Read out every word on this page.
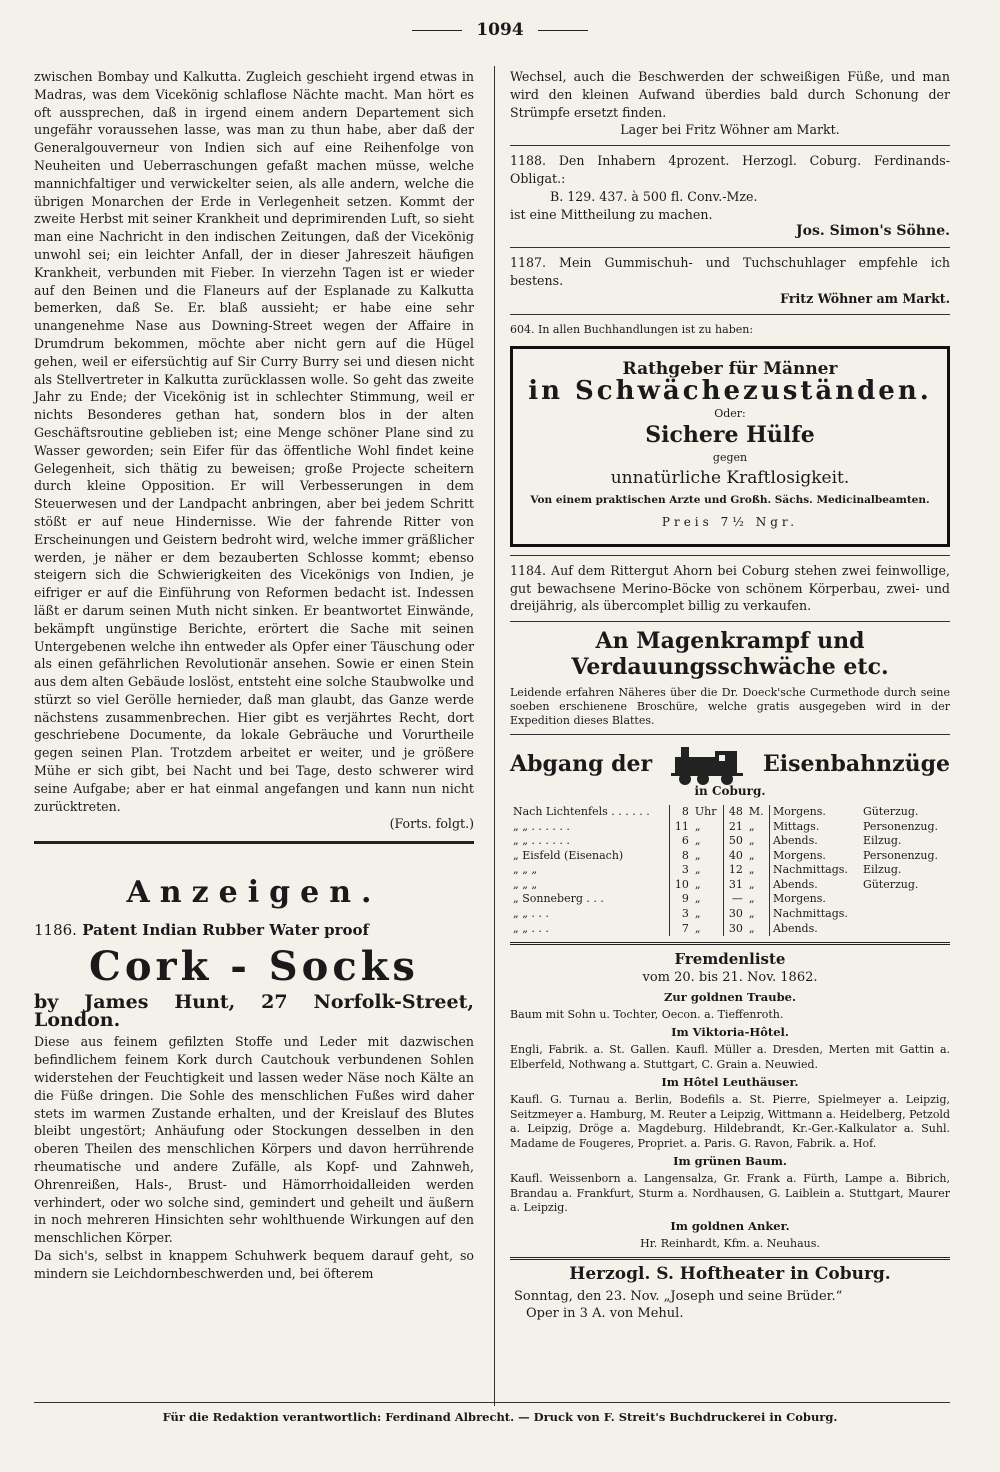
1094

zwischen Bombay und Kalkutta. Zugleich geschieht irgend etwas in Madras, was dem Vicekönig schlaflose Nächte macht. Man hört es oft aussprechen, daß in irgend einem andern Departement sich ungefähr voraussehen lasse, was man zu thun habe, aber daß der Generalgouverneur von Indien sich auf eine Reihenfolge von Neuheiten und Ueberraschungen gefaßt machen müsse, welche mannichfaltiger und verwickelter seien, als alle andern, welche die übrigen Monarchen der Erde in Verlegenheit setzen. Kommt der zweite Herbst mit seiner Krankheit und deprimirenden Luft, so sieht man eine Nachricht in den indischen Zeitungen, daß der Vicekönig unwohl sei; ein leichter Anfall, der in dieser Jahreszeit häufigen Krankheit, verbunden mit Fieber. In vierzehn Tagen ist er wieder auf den Beinen und die Flaneurs auf der Esplanade zu Kalkutta bemerken, daß Se. Er. blaß aussieht; er habe eine sehr unangenehme Nase aus Downing-Street wegen der Affaire in Drumdrum bekommen, möchte aber nicht gern auf die Hügel gehen, weil er eifersüchtig auf Sir Curry Burry sei und diesen nicht als Stellvertreter in Kalkutta zurücklassen wolle. So geht das zweite Jahr zu Ende; der Vicekönig ist in schlechter Stimmung, weil er nichts Besonderes gethan hat, sondern blos in der alten Geschäftsroutine geblieben ist; eine Menge schöner Plane sind zu Wasser geworden; sein Eifer für das öffentliche Wohl findet keine Gelegenheit, sich thätig zu beweisen; große Projecte scheitern durch kleine Opposition. Er will Verbesserungen in dem Steuerwesen und der Landpacht anbringen, aber bei jedem Schritt stößt er auf neue Hindernisse. Wie der fahrende Ritter von Erscheinungen und Geistern bedroht wird, welche immer gräßlicher werden, je näher er dem bezauberten Schlosse kommt; ebenso steigern sich die Schwierigkeiten des Vicekönigs von Indien, je eifriger er auf die Einführung von Reformen bedacht ist. Indessen läßt er darum seinen Muth nicht sinken. Er beantwortet Einwände, bekämpft ungünstige Berichte, erörtert die Sache mit seinen Untergebenen welche ihn entweder als Opfer einer Täuschung oder als einen gefährlichen Revolutionär ansehen. Sowie er einen Stein aus dem alten Gebäude loslöst, entsteht eine solche Staubwolke und stürzt so viel Gerölle hernieder, daß man glaubt, das Ganze werde nächstens zusammenbrechen. Hier gibt es verjährtes Recht, dort geschriebene Documente, da lokale Gebräuche und Vorurtheile gegen seinen Plan. Trotzdem arbeitet er weiter, und je größere Mühe er sich gibt, bei Nacht und bei Tage, desto schwerer wird seine Aufgabe; aber er hat einmal angefangen und kann nun nicht zurücktreten.

(Forts. folgt.)

Anzeigen.
1186. Patent Indian Rubber Water proof
Cork - Socks
by James Hunt, 27 Norfolk-Street, London.

Diese aus feinem gefilzten Stoffe und Leder mit dazwischen befindlichem feinem Kork durch Cautchouk verbundenen Sohlen widerstehen der Feuchtigkeit und lassen weder Näse noch Kälte an die Füße dringen. Die Sohle des menschlichen Fußes wird daher stets im warmen Zustande erhalten, und der Kreislauf des Blutes bleibt ungestört; Anhäufung oder Stockungen desselben in den oberen Theilen des menschlichen Körpers und davon herrührende rheumatische und andere Zufälle, als Kopf- und Zahnweh, Ohrenreißen, Hals-, Brust- und Hämorrhoidalleiden werden verhindert, oder wo solche sind, gemindert und geheilt und äußern in noch mehreren Hinsichten sehr wohlthuende Wirkungen auf den menschlichen Körper.

Da sich's, selbst in knappem Schuhwerk bequem darauf geht, so mindern sie Leichdornbeschwerden und, bei öfterem

Wechsel, auch die Beschwerden der schweißigen Füße, und man wird den kleinen Aufwand überdies bald durch Schonung der Strümpfe ersetzt finden.

Lager bei Fritz Wöhner am Markt.

1188. Den Inhabern 4prozent. Herzogl. Coburg. Ferdinands-Obligat.:

B. 129. 437. à 500 fl. Conv.-Mze.

ist eine Mittheilung zu machen.

Jos. Simon's Söhne.

1187. Mein Gummischuh- und Tuchschuhlager empfehle ich bestens.

Fritz Wöhner am Markt.

604. In allen Buchhandlungen ist zu haben:

Rathgeber für Männer
in Schwächezuständen.
Oder:
Sichere Hülfe
gegen
unnatürliche Kraftlosigkeit.
Von einem praktischen Arzte und Großh. Sächs. Medicinalbeamten.
Preis 7½ Ngr.

1184. Auf dem Rittergut Ahorn bei Coburg stehen zwei feinwollige, gut bewachsene Merino-Böcke von schönem Körperbau, zwei- und dreijährig, als übercomplet billig zu verkaufen.

An Magenkrampf und Verdauungsschwäche etc.

Leidende erfahren Näheres über die Dr. Doeck'sche Curmethode durch seine soeben erschienene Broschüre, welche gratis ausgegeben wird in der Expedition dieses Blattes.

Abgang der	Eisenbahnzüge
in Coburg.
Nach Lichtenfels . . . . . .	8	Uhr	48	M.	Morgens.	Güterzug.
„ „ . . . . . .	11	„	21	„	Mittags.	Personenzug.
„ „ . . . . . .	6	„	50	„	Abends.	Eilzug.
„ Eisfeld (Eisenach)	8	„	40	„	Morgens.	Personenzug.
„ „ „	3	„	12	„	Nachmittags.	Eilzug.
„ „ „	10	„	31	„	Abends.	Güterzug.
„ Sonneberg . . .	9	„	—	„	Morgens.	
„ „ . . .	3	„	30	„	Nachmittags.	
„ „ . . .	7	„	30	„	Abends.	
Fremdenliste
vom 20. bis 21. Nov. 1862.
Zur goldnen Traube.

Baum mit Sohn u. Tochter, Oecon. a. Tieffenroth.

Im Viktoria-Hôtel.

Engli, Fabrik. a. St. Gallen. Kaufl. Müller a. Dresden, Merten mit Gattin a. Elberfeld, Nothwang a. Stuttgart, C. Grain a. Neuwied.

Im Hôtel Leuthäuser.

Kaufl. G. Turnau a. Berlin, Bodefils a. St. Pierre, Spielmeyer a. Leipzig, Seitzmeyer a. Hamburg, M. Reuter a Leipzig, Wittmann a. Heidelberg, Petzold a. Leipzig, Dröge a. Magdeburg. Hildebrandt, Kr.-Ger.-Kalkulator a. Suhl. Madame de Fougeres, Propriet. a. Paris. G. Ravon, Fabrik. a. Hof.

Im grünen Baum.

Kaufl. Weissenborn a. Langensalza, Gr. Frank a. Fürth, Lampe a. Bibrich, Brandau a. Frankfurt, Sturm a. Nordhausen, G. Laiblein a. Stuttgart, Maurer a. Leipzig.

Im goldnen Anker.

Hr. Reinhardt, Kfm. a. Neuhaus.

Herzogl. S. Hoftheater in Coburg.

Sonntag, den 23. Nov. „Joseph und seine Brüder.“

Oper in 3 A. von Mehul.

Für die Redaktion verantwortlich: Ferdinand Albrecht. — Druck von F. Streit's Buchdruckerei in Coburg.
